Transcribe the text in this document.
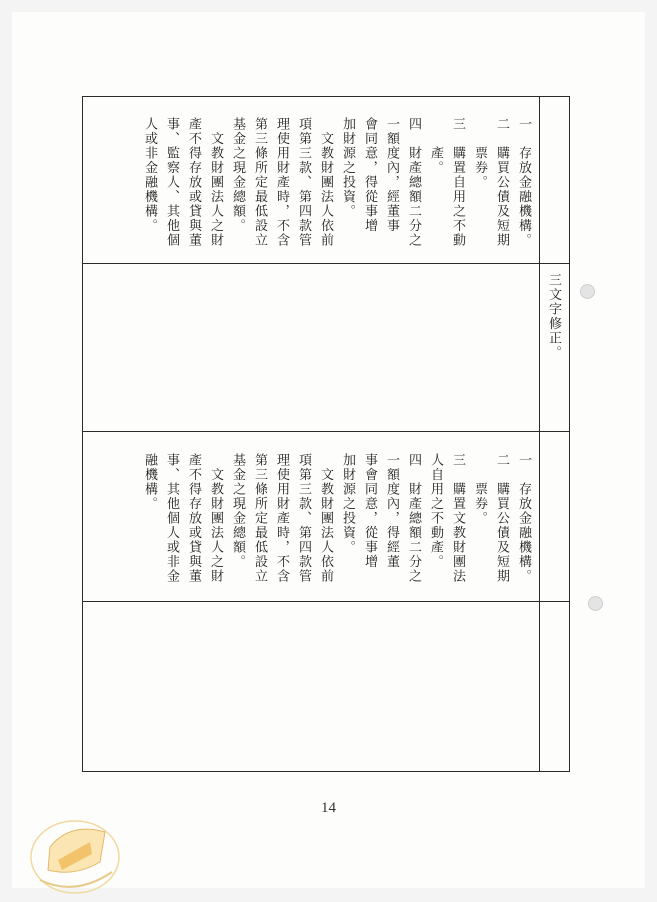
一　存放金融機構。
二　購買公債及短期
　　票券。
三　購置自用之不動
　　產。
四　財產總額二分之
一額度內，經董事
會同意，得從事增
加財源之投資。
　文教財團法人依前
項第三款、第四款管
理使用財產時，不含
第三條所定最低設立
基金之現金總額。
　文教財團法人之財
產不得存放或貸與董
事、監察人、其他個
人或非金融機構。
三文字修正。
一　存放金融機構。
二　購買公債及短期
　　票券。
三　購置文教財團法
人自用之不動產。
四　財產總額二分之
一額度內，得經董
事會同意，從事增
加財源之投資。
　文教財團法人依前
項第三款、第四款管
理使用財產時，不含
第三條所定最低設立
基金之現金總額。
　文教財團法人之財
產不得存放或貸與董
事、其他個人或非金
融機構。
14
